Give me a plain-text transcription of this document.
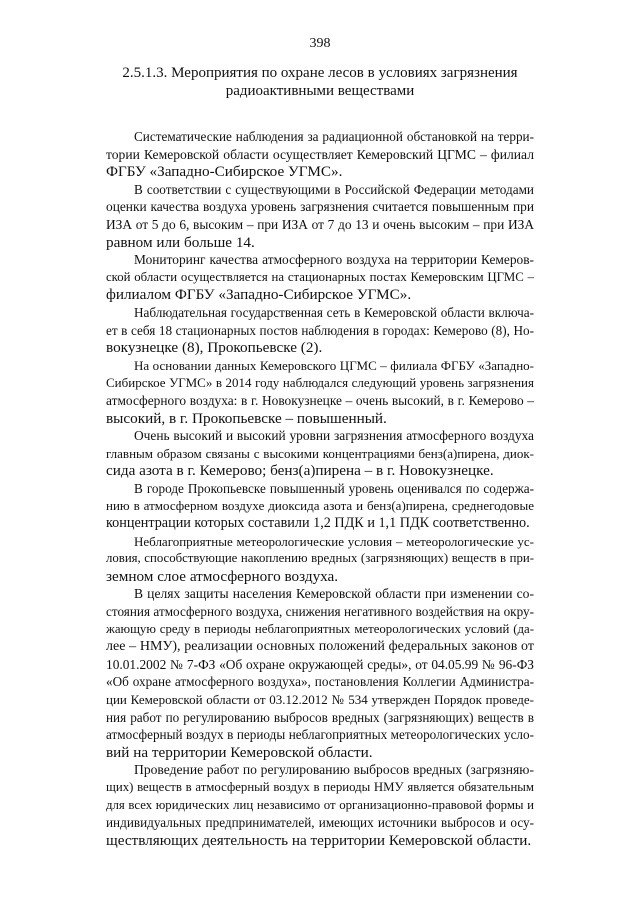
398
2.5.1.3. Мероприятия по охране лесов в условиях загрязнения
радиоактивными веществами
Систематические наблюдения за радиационной обстановкой на терри-
тории Кемеровской области осуществляет Кемеровский ЦГМС – филиал
ФГБУ «Западно-Сибирское УГМС».
В соответствии с существующими в Российской Федерации методами
оценки качества воздуха уровень загрязнения считается повышенным при
ИЗА от 5 до 6, высоким – при ИЗА от 7 до 13 и очень высоким – при ИЗА
равном или больше 14.
Мониторинг качества атмосферного воздуха на территории Кемеров-
ской области осуществляется на стационарных постах Кемеровским ЦГМС –
филиалом ФГБУ «Западно-Сибирское УГМС».
Наблюдательная государственная сеть в Кемеровской области включа-
ет в себя 18 стационарных постов наблюдения в городах: Кемерово (8), Но-
вокузнецке (8), Прокопьевске (2).
На основании данных Кемеровского ЦГМС – филиала ФГБУ «Западно-
Сибирское УГМС» в 2014 году наблюдался следующий уровень загрязнения
атмосферного воздуха: в г. Новокузнецке – очень высокий, в г. Кемерово –
высокий, в г. Прокопьевске – повышенный.
Очень высокий и высокий уровни загрязнения атмосферного воздуха
главным образом связаны с высокими концентрациями бенз(а)пирена, диок-
сида азота в г. Кемерово; бенз(а)пирена – в г. Новокузнецке.
В городе Прокопьевске повышенный уровень оценивался по содержа-
нию в атмосферном воздухе диоксида азота и бенз(а)пирена, среднегодовые
концентрации которых составили 1,2 ПДК и 1,1 ПДК соответственно.
Неблагоприятные метеорологические условия – метеорологические ус-
ловия, способствующие накоплению вредных (загрязняющих) веществ в при-
земном слое атмосферного воздуха.
В целях защиты населения Кемеровской области при изменении со-
стояния атмосферного воздуха, снижения негативного воздействия на окру-
жающую среду в периоды неблагоприятных метеорологических условий (да-
лее – НМУ), реализации основных положений федеральных законов от
10.01.2002 № 7-ФЗ «Об охране окружающей среды», от 04.05.99 № 96-ФЗ
«Об охране атмосферного воздуха», постановления Коллегии Администра-
ции Кемеровской области от 03.12.2012 № 534 утвержден Порядок проведе-
ния работ по регулированию выбросов вредных (загрязняющих) веществ в
атмосферный воздух в периоды неблагоприятных метеорологических усло-
вий на территории Кемеровской области.
Проведение работ по регулированию выбросов вредных (загрязняю-
щих) веществ в атмосферный воздух в периоды НМУ является обязательным
для всех юридических лиц независимо от организационно-правовой формы и
индивидуальных предпринимателей, имеющих источники выбросов и осу-
ществляющих деятельность на территории Кемеровской области.
